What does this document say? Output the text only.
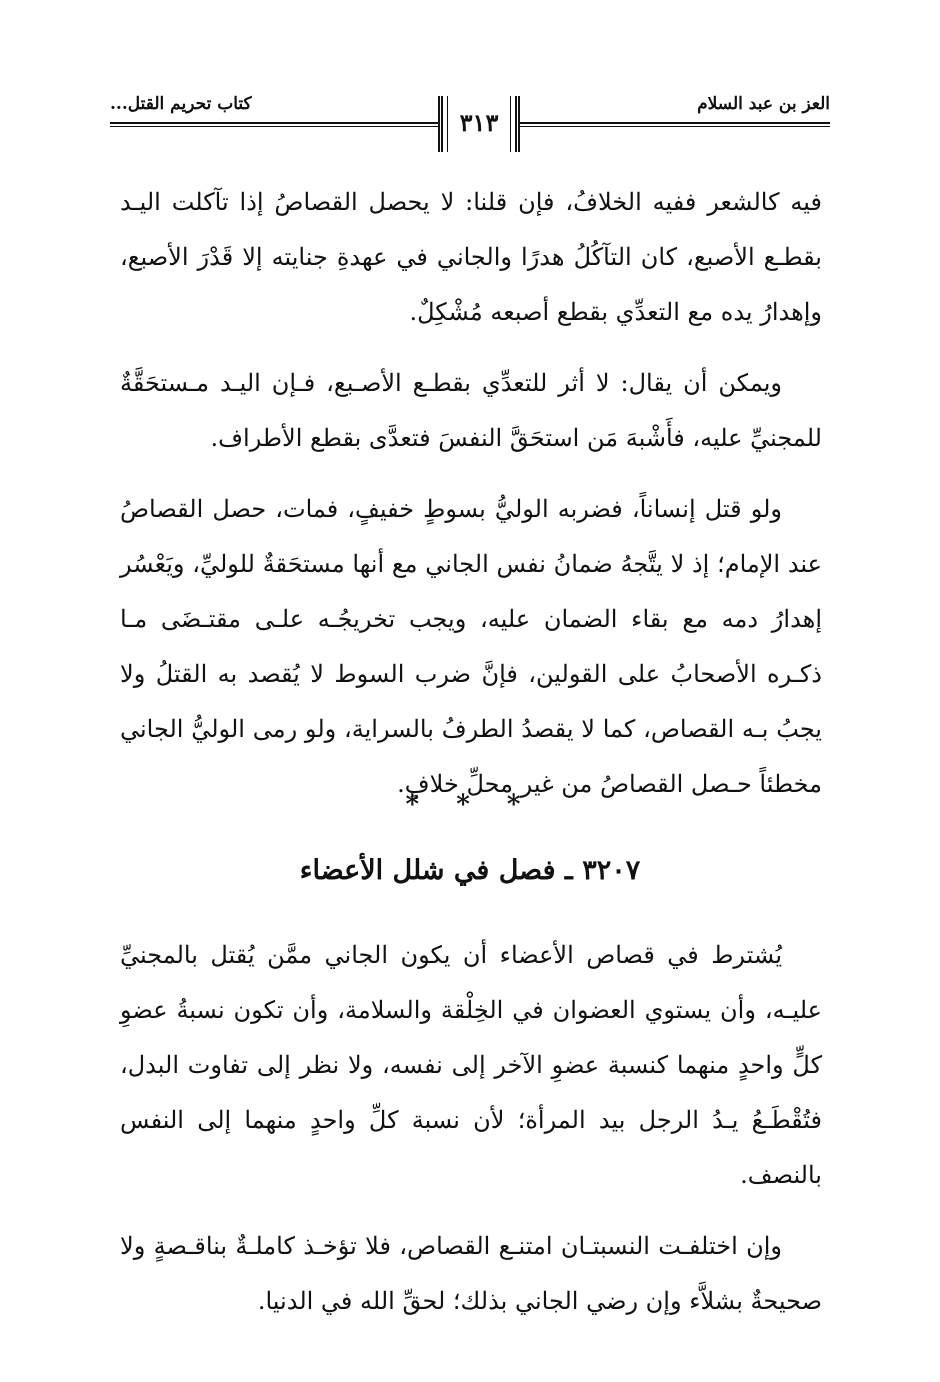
العز بن عبد السلام
كتاب تحريم القتل...
٣١٣

فيه كالشعر ففيه الخلافُ، فإن قلنا: لا يحصل القصاصُ إذا تآكلت اليـد بقطـع الأصبع، كان التآكُلُ هدرًا والجاني في عهدةِ جنايته إلا قَدْرَ الأصبع، وإهدارُ يده مع التعدِّي بقطع أصبعه مُشْكِلٌ.

ويمكن أن يقال: لا أثر للتعدِّي بقطـع الأصـبع، فـإن اليـد مـستحَقَّةٌ للمجنيِّ عليه، فأَشْبهَ مَن استحَقَّ النفسَ فتعدَّى بقطع الأطراف.

ولو قتل إنساناً، فضربه الوليُّ بسوطٍ خفيفٍ، فمات، حصل القصاصُ عند الإمام؛ إذ لا يتَّجهُ ضمانُ نفس الجاني مع أنها مستحَقةٌ للوليِّ، ويَعْسُر إهدارُ دمه مع بقاء الضمان عليه، ويجب تخريجُـه علـى مقتـضَى مـا ذكـره الأصحابُ على القولين، فإنَّ ضرب السوط لا يُقصد به القتلُ ولا يجبُ بـه القصاص، كما لا يقصدُ الطرفُ بالسراية، ولو رمى الوليُّ الجاني مخطئاً حـصل القصاصُ من غير محلِّ خلافٍ.

* * *
٣٢٠٧ ـ فصل في شلل الأعضاء

يُشترط في قصاص الأعضاء أن يكون الجاني ممَّن يُقتل بالمجنيِّ عليـه، وأن يستوي العضوان في الخِلْقة والسلامة، وأن تكون نسبةُ عضوِ كلٍّ واحدٍ منهما كنسبة عضوِ الآخر إلى نفسه، ولا نظر إلى تفاوت البدل، فتُقْطَـعُ يـدُ الرجل بيد المرأة؛ لأن نسبة كلِّ واحدٍ منهما إلى النفس بالنصف.

وإن اختلفـت النسبتـان امتنـع القصاص، فلا تؤخـذ كاملـةٌ بناقـصةٍ ولا صحيحةٌ بشلاَّء وإن رضي الجاني بذلك؛ لحقِّ الله في الدنيا.
